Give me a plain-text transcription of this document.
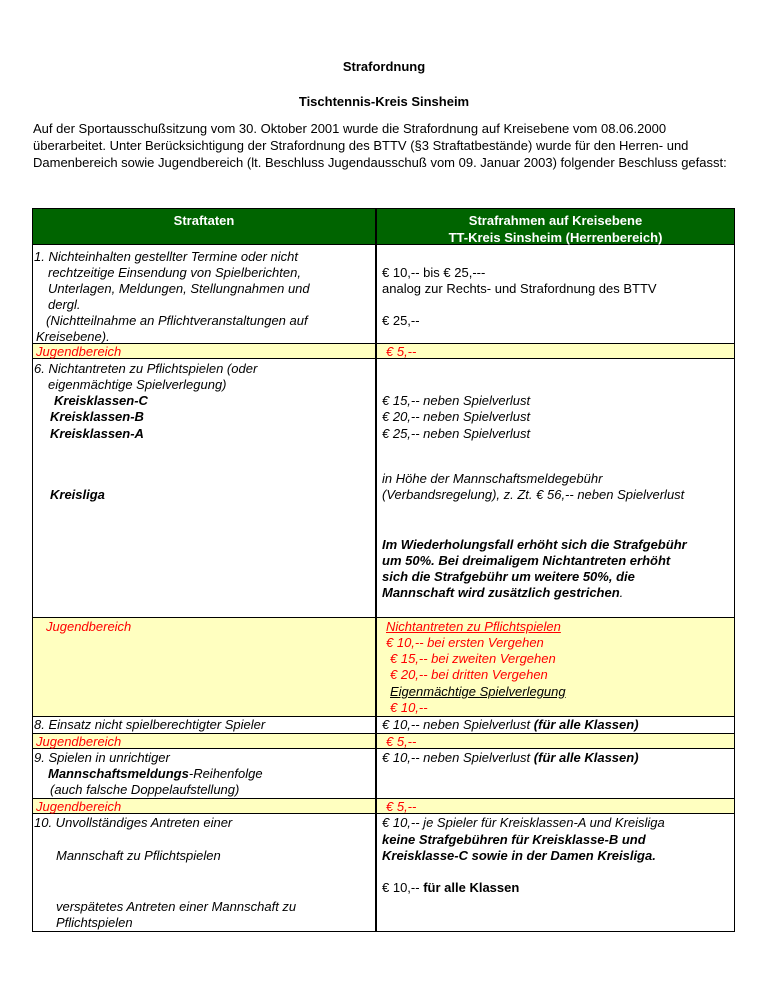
Strafordnung
Tischtennis-Kreis Sinsheim
Auf der Sportausschußsitzung vom 30. Oktober 2001 wurde die Strafordnung auf Kreisebene vom 08.06.2000 überarbeitet. Unter Berücksichtigung der Strafordnung des BTTV (§3 Straftatbestände) wurde für den Herren- und Damenbereich sowie Jugendbereich (lt. Beschluss Jugendausschuß vom 09. Januar 2003) folgender Beschluss gefasst:
Straftaten	Strafrahmen auf Kreisebene
TT-Kreis Sinsheim (Herrenbereich)
1. Nichteinhalten gestellter Termine oder nicht
rechtzeitige Einsendung von Spielberichten,
Unterlagen, Meldungen, Stellungnahmen und
dergl.
(Nichtteilnahme an Pflichtveranstaltungen auf
Kreisebene).
Jugendbereich
6. Nichtantreten zu Pflichtspielen (oder
eigenmächtige Spielverlegung)
Kreisklassen-C
Kreisklassen-B
Kreisklassen-A
Kreisliga
Jugendbereich
8. Einsatz nicht spielberechtigter Spieler
Jugendbereich
9. Spielen in unrichtiger
Mannschaftsmeldungs-Reihenfolge
(auch falsche Doppelaufstellung)
Jugendbereich
10. Unvollständiges Antreten einer
Mannschaft zu Pflichtspielen
verspätetes Antreten einer Mannschaft zu
Pflichtspielen
€ 10,-- bis € 25,---
analog zur Rechts- und Strafordnung des BTTV
€ 25,--
€ 5,--
€ 15,-- neben Spielverlust
€ 20,-- neben Spielverlust
€ 25,-- neben Spielverlust
in Höhe der Mannschaftsmeldegebühr
(Verbandsregelung), z. Zt. € 56,-- neben Spielverlust
Im Wiederholungsfall erhöht sich die Strafgebühr
um 50%. Bei dreimaligem Nichtantreten erhöht
sich die Strafgebühr um weitere 50%, die
Mannschaft wird zusätzlich gestrichen.
Nichtantreten zu Pflichtspielen
€ 10,-- bei ersten Vergehen
€ 15,-- bei zweiten Vergehen
€ 20,-- bei dritten Vergehen
Eigenmächtige Spielverlegung
€ 10,--
€ 10,-- neben Spielverlust (für alle Klassen)
€ 5,--
€ 10,-- neben Spielverlust (für alle Klassen)
€ 5,--
€ 10,-- je Spieler für Kreisklassen-A und Kreisliga
keine Strafgebühren für Kreisklasse-B und
Kreisklasse-C sowie in der Damen Kreisliga.
€ 10,-- für alle Klassen
